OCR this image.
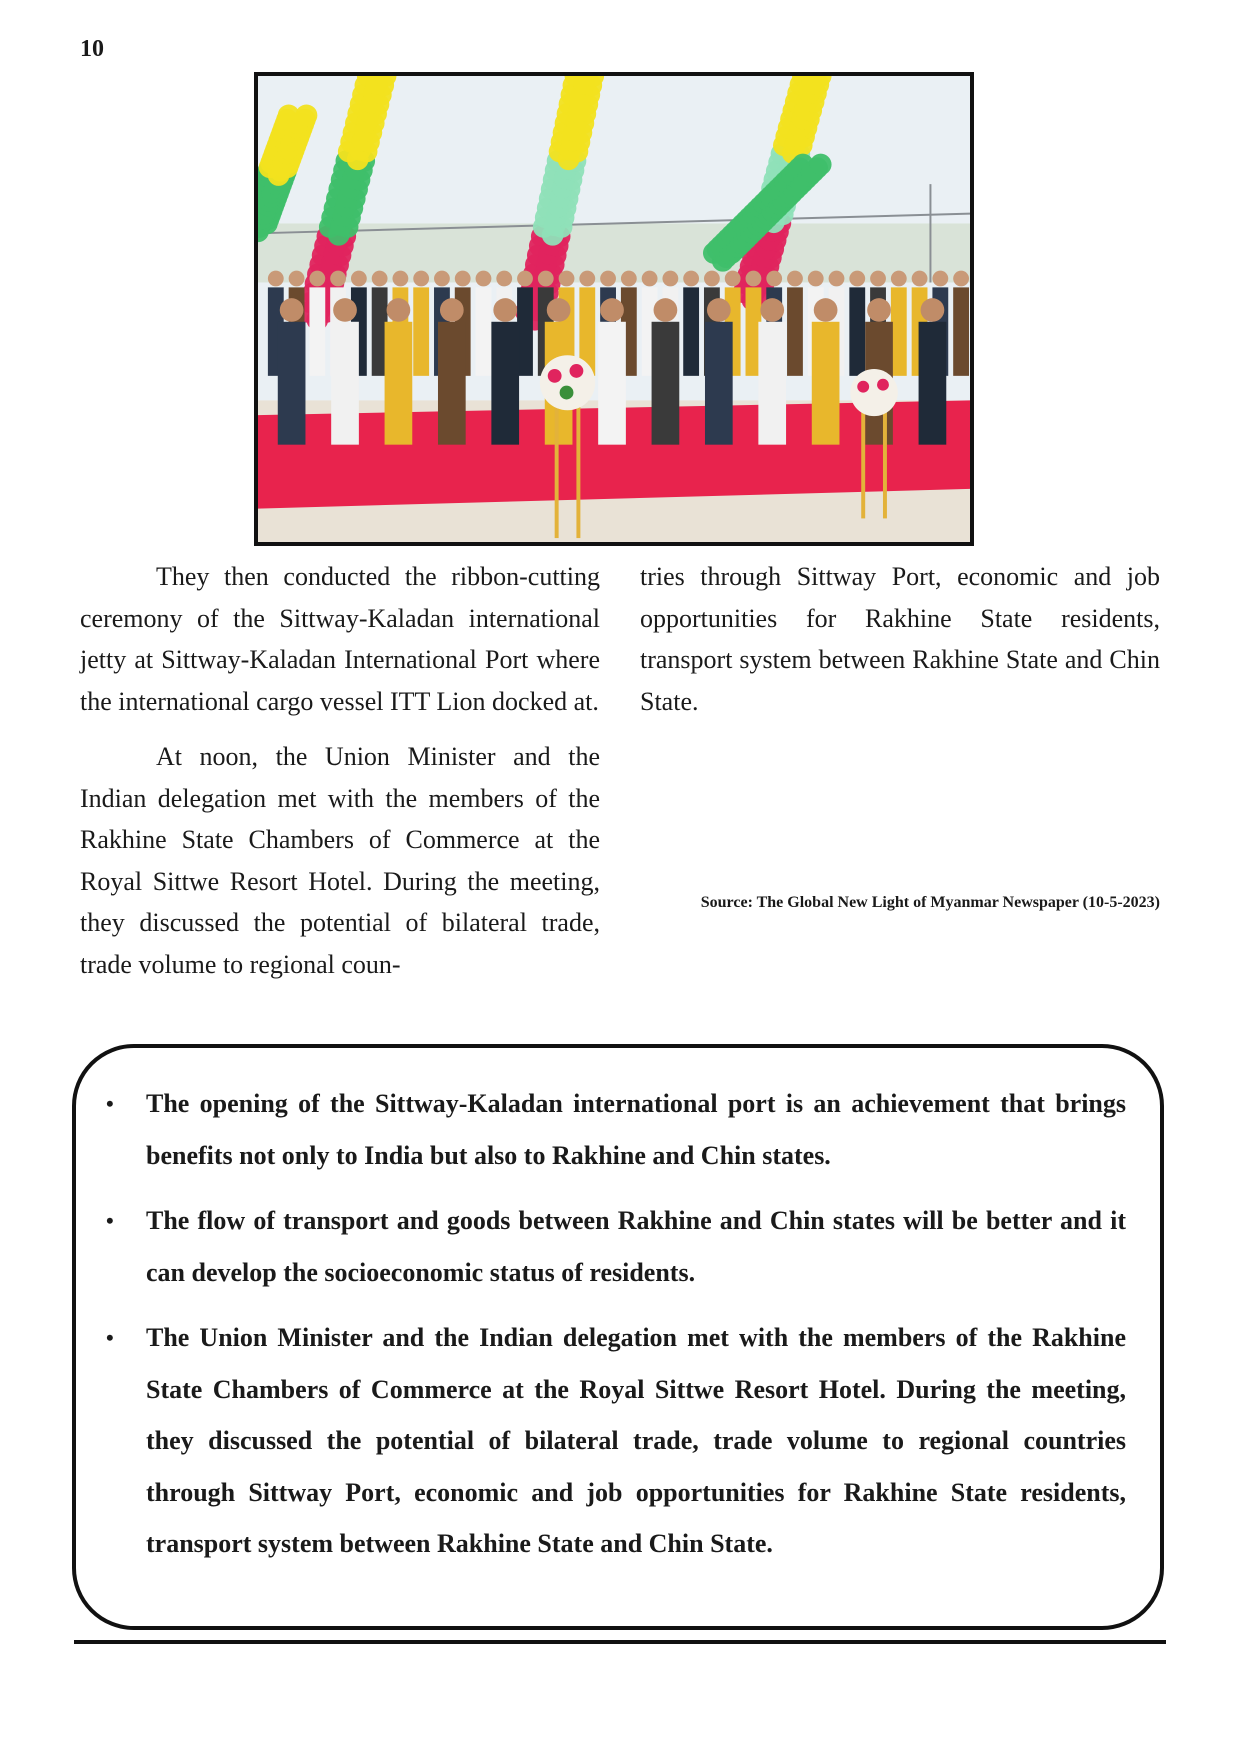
10

They then conducted the ribbon-cutting ceremony of the Sittway-Kaladan international jetty at Sittway-Kaladan International Port where the international cargo vessel ITT Lion docked at.

At noon, the Union Minister and the Indian delegation met with the members of the Rakhine State Chambers of Commerce at the Royal Sittwe Resort Hotel. During the meeting, they discussed the potential of bilateral trade, trade volume to regional coun-

tries through Sittway Port, economic and job opportunities for Rakhine State residents, transport system between Rakhine State and Chin State.

Source: The Global New Light of Myanmar Newspaper (10-5-2023)
• The opening of the Sittway-Kaladan international port is an achievement that brings benefits not only to India but also to Rakhine and Chin states.
• The flow of transport and goods between Rakhine and Chin states will be better and it can develop the socioeconomic status of residents.
• The Union Minister and the Indian delegation met with the members of the Rakhine State Chambers of Commerce at the Royal Sittwe Resort Hotel. During the meeting, they discussed the potential of bilateral trade, trade volume to regional countries through Sittway Port, economic and job opportunities for Rakhine State residents, transport system between Rakhine State and Chin State.
